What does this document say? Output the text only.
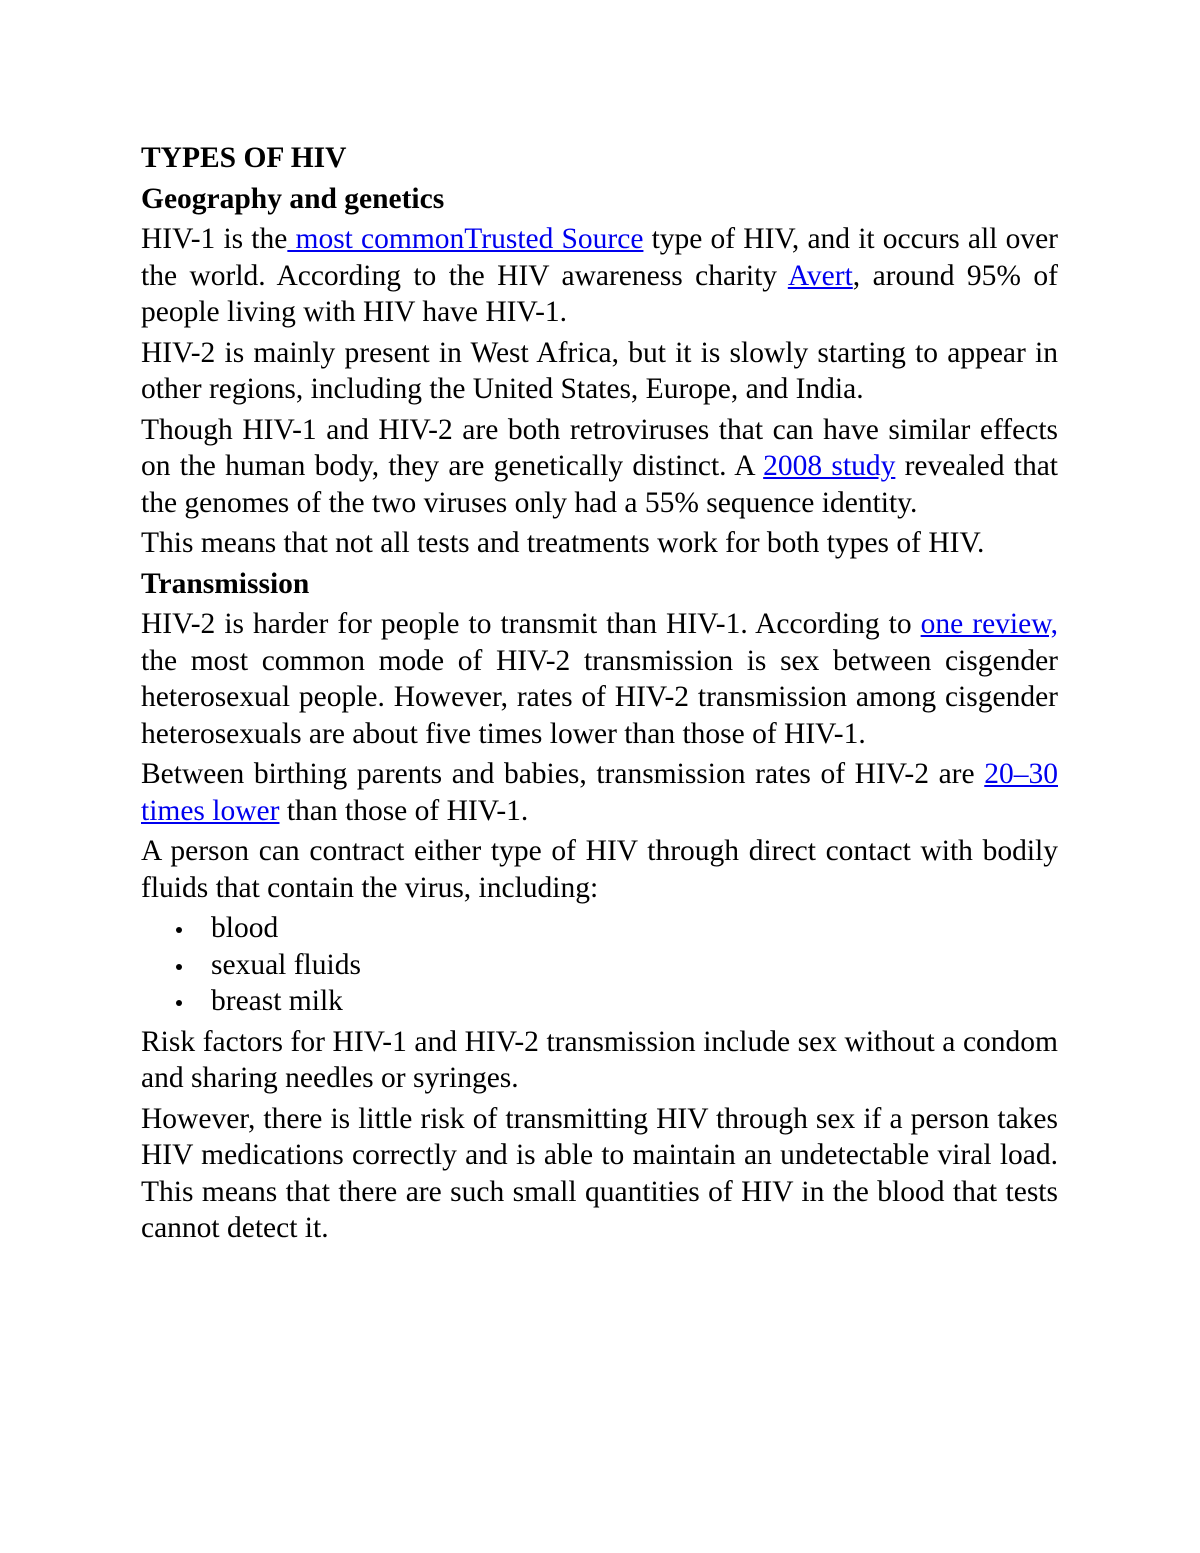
TYPES OF HIV
Geography and genetics

HIV-1 is the most commonTrusted Source type of HIV, and it occurs all over the world. According to the HIV awareness charity Avert, around 95% of people living with HIV have HIV-1.

HIV-2 is mainly present in West Africa, but it is slowly starting to appear in other regions, including the United States, Europe, and India.

Though HIV-1 and HIV-2 are both retroviruses that can have similar effects on the human body, they are genetically distinct. A 2008 study revealed that the genomes of the two viruses only had a 55% sequence identity.

This means that not all tests and treatments work for both types of HIV.

Transmission

HIV-2 is harder for people to transmit than HIV-1. According to one review, the most common mode of HIV-2 transmission is sex between cisgender heterosexual people. However, rates of HIV-2 transmission among cisgender heterosexuals are about five times lower than those of HIV-1.

Between birthing parents and babies, transmission rates of HIV-2 are 20–30 times lower than those of HIV-1.

A person can contract either type of HIV through direct contact with bodily fluids that contain the virus, including:

blood
sexual fluids
breast milk

Risk factors for HIV-1 and HIV-2 transmission include sex without a condom and sharing needles or syringes.

However, there is little risk of transmitting HIV through sex if a person takes HIV medications correctly and is able to maintain an undetectable viral load. This means that there are such small quantities of HIV in the blood that tests cannot detect it.
